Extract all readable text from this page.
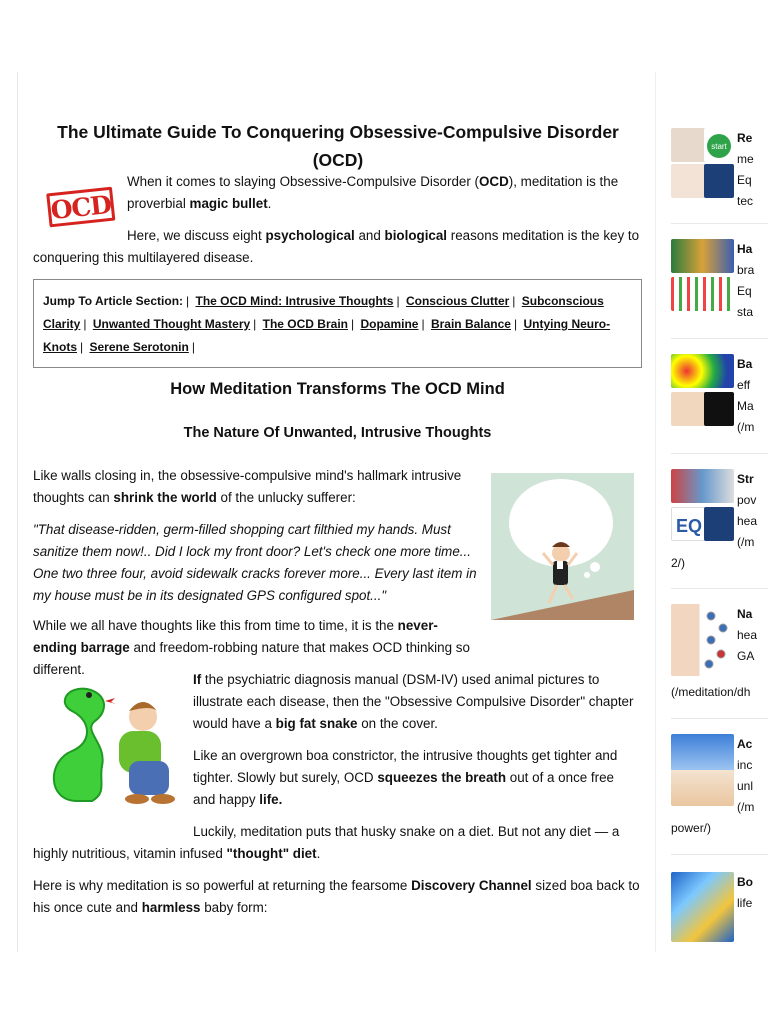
The Ultimate Guide To Conquering Obsessive-Compulsive Disorder (OCD)
OCD

When it comes to slaying Obsessive-Compulsive Disorder (OCD), meditation is the proverbial magic bullet.

Here, we discuss eight psychological and biological reasons meditation is the key to conquering this multilayered disease.

Jump To Article Section: | The OCD Mind: Intrusive Thoughts | Conscious Clutter | Subconscious Clarity | Unwanted Thought Mastery | The OCD Brain | Dopamine | Brain Balance | Untying Neuro-Knots | Serene Serotonin |
How Meditation Transforms The OCD Mind
The Nature Of Unwanted, Intrusive Thoughts

Like walls closing in, the obsessive-compulsive mind's hallmark intrusive thoughts can shrink the world of the unlucky sufferer:

"That disease-ridden, germ-filled shopping cart filthied my hands. Must sanitize them now!.. Did I lock my front door? Let's check one more time... One two three four, avoid sidewalk cracks forever more... Every last item in my house must be in its designated GPS configured spot..."

While we all have thoughts like this from time to time, it is the never-ending barrage and freedom-robbing nature that makes OCD thinking so different.

If the psychiatric diagnosis manual (DSM-IV) used animal pictures to illustrate each disease, then the "Obsessive Compulsive Disorder" chapter would have a big fat snake on the cover.

Like an overgrown boa constrictor, the intrusive thoughts get tighter and tighter. Slowly but surely, OCD squeezes the breath out of a once free and happy life.

Luckily, meditation puts that husky snake on a diet. But not any diet — a highly nutritious, vitamin infused "thought" diet.

Here is why meditation is so powerful at returning the fearsome Discovery Channel sized boa back to his once cute and harmless baby form:

start
Re
me
Eq
tec
Ha
bra
Eq
sta
Ba
eff
Ma
(/m
EQ
Str
pov
hea
(/m
2/)
Na
hea
GA
(/meditation/dh
Ac
inc
unl
(/m
power/)
Bo
life
